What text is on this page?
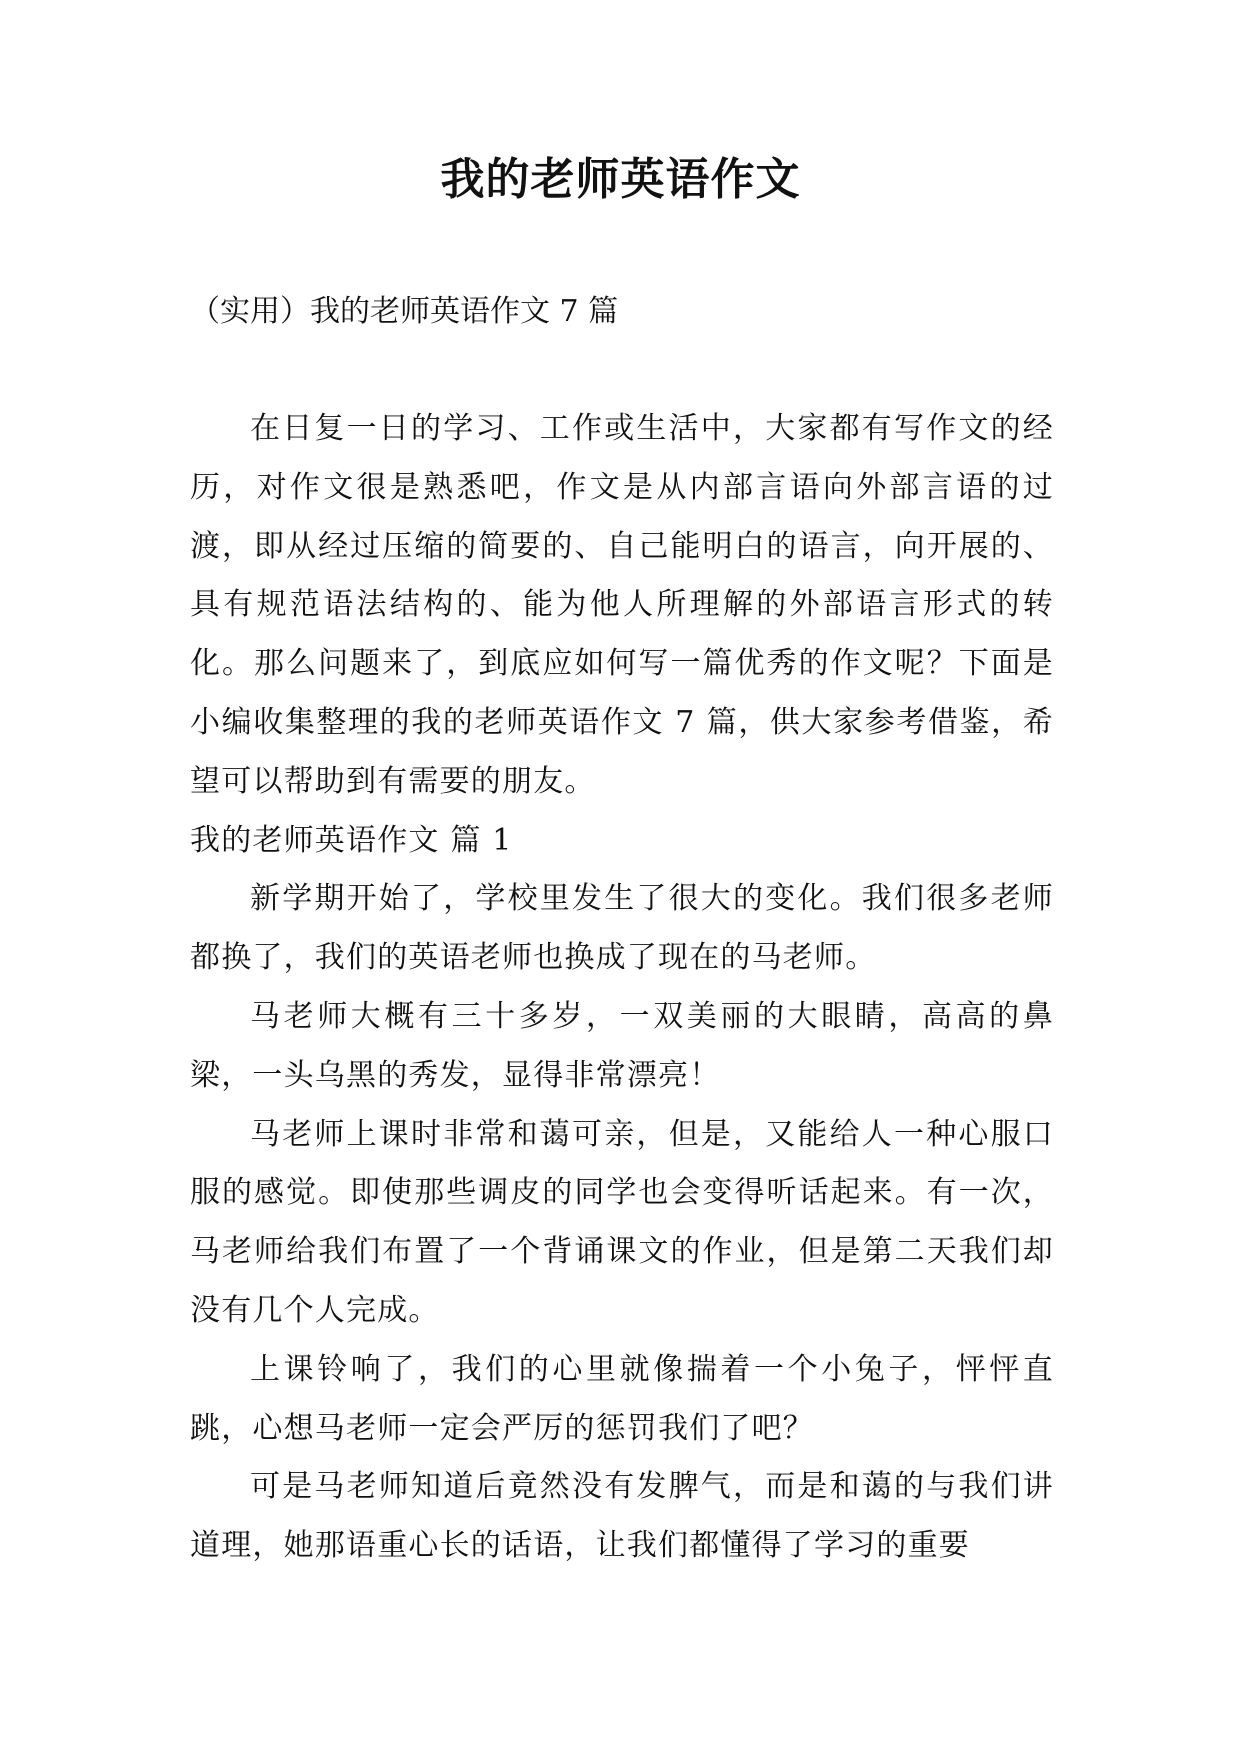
我的老师英语作文
（实用）我的老师英语作文 7 篇

在日复一日的学习、工作或生活中，大家都有写作文的经历，对作文很是熟悉吧，作文是从内部言语向外部言语的过渡，即从经过压缩的简要的、自己能明白的语言，向开展的、具有规范语法结构的、能为他人所理解的外部语言形式的转化。那么问题来了，到底应如何写一篇优秀的作文呢？下面是小编收集整理的我的老师英语作文 7 篇，供大家参考借鉴，希望可以帮助到有需要的朋友。

我的老师英语作文 篇 1

新学期开始了，学校里发生了很大的变化。我们很多老师都换了，我们的英语老师也换成了现在的马老师。

马老师大概有三十多岁，一双美丽的大眼睛，高高的鼻梁，一头乌黑的秀发，显得非常漂亮！

马老师上课时非常和蔼可亲，但是，又能给人一种心服口服的感觉。即使那些调皮的同学也会变得听话起来。有一次，马老师给我们布置了一个背诵课文的作业，但是第二天我们却没有几个人完成。

上课铃响了，我们的心里就像揣着一个小兔子，怦怦直跳，心想马老师一定会严厉的惩罚我们了吧？

可是马老师知道后竟然没有发脾气，而是和蔼的与我们讲道理，她那语重心长的话语，让我们都懂得了学习的重要
